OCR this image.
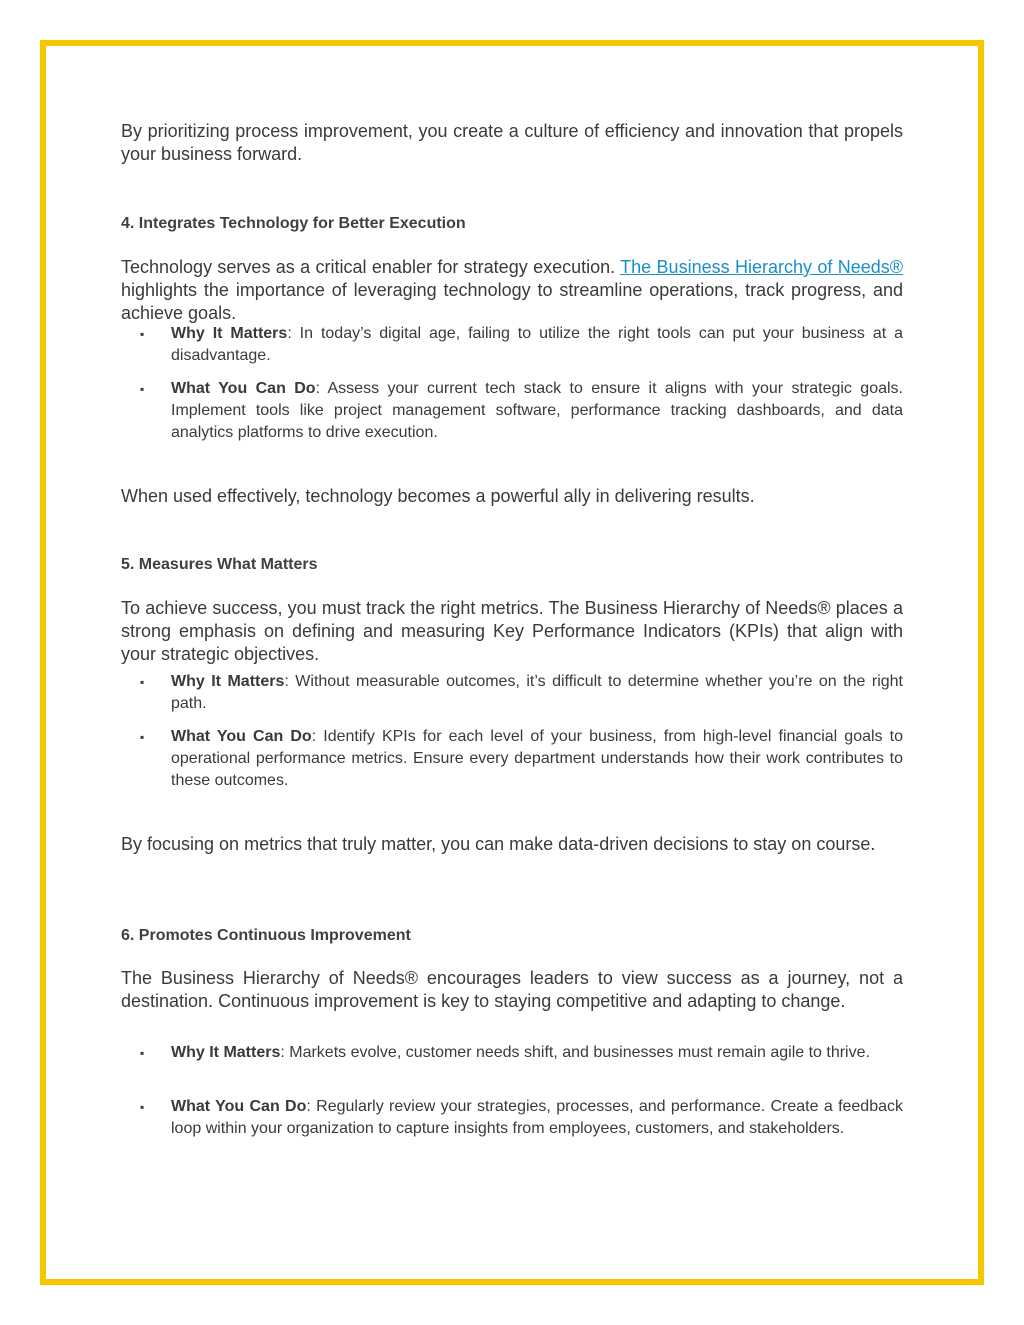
By prioritizing process improvement, you create a culture of efficiency and innovation that propels your business forward.

4. Integrates Technology for Better Execution

Technology serves as a critical enabler for strategy execution. The Business Hierarchy of Needs® highlights the importance of leveraging technology to streamline operations, track progress, and achieve goals.

▪ Why It Matters: In today’s digital age, failing to utilize the right tools can put your business at a disadvantage.
▪ What You Can Do: Assess your current tech stack to ensure it aligns with your strategic goals. Implement tools like project management software, performance tracking dashboards, and data analytics platforms to drive execution.

When used effectively, technology becomes a powerful ally in delivering results.

5. Measures What Matters

To achieve success, you must track the right metrics. The Business Hierarchy of Needs® places a strong emphasis on defining and measuring Key Performance Indicators (KPIs) that align with your strategic objectives.

▪ Why It Matters: Without measurable outcomes, it’s difficult to determine whether you’re on the right path.
▪ What You Can Do: Identify KPIs for each level of your business, from high-level financial goals to operational performance metrics. Ensure every department understands how their work contributes to these outcomes.

By focusing on metrics that truly matter, you can make data-driven decisions to stay on course.

6. Promotes Continuous Improvement

The Business Hierarchy of Needs® encourages leaders to view success as a journey, not a destination. Continuous improvement is key to staying competitive and adapting to change.

▪ Why It Matters: Markets evolve, customer needs shift, and businesses must remain agile to thrive.
▪ What You Can Do: Regularly review your strategies, processes, and performance. Create a feedback loop within your organization to capture insights from employees, customers, and stakeholders.
